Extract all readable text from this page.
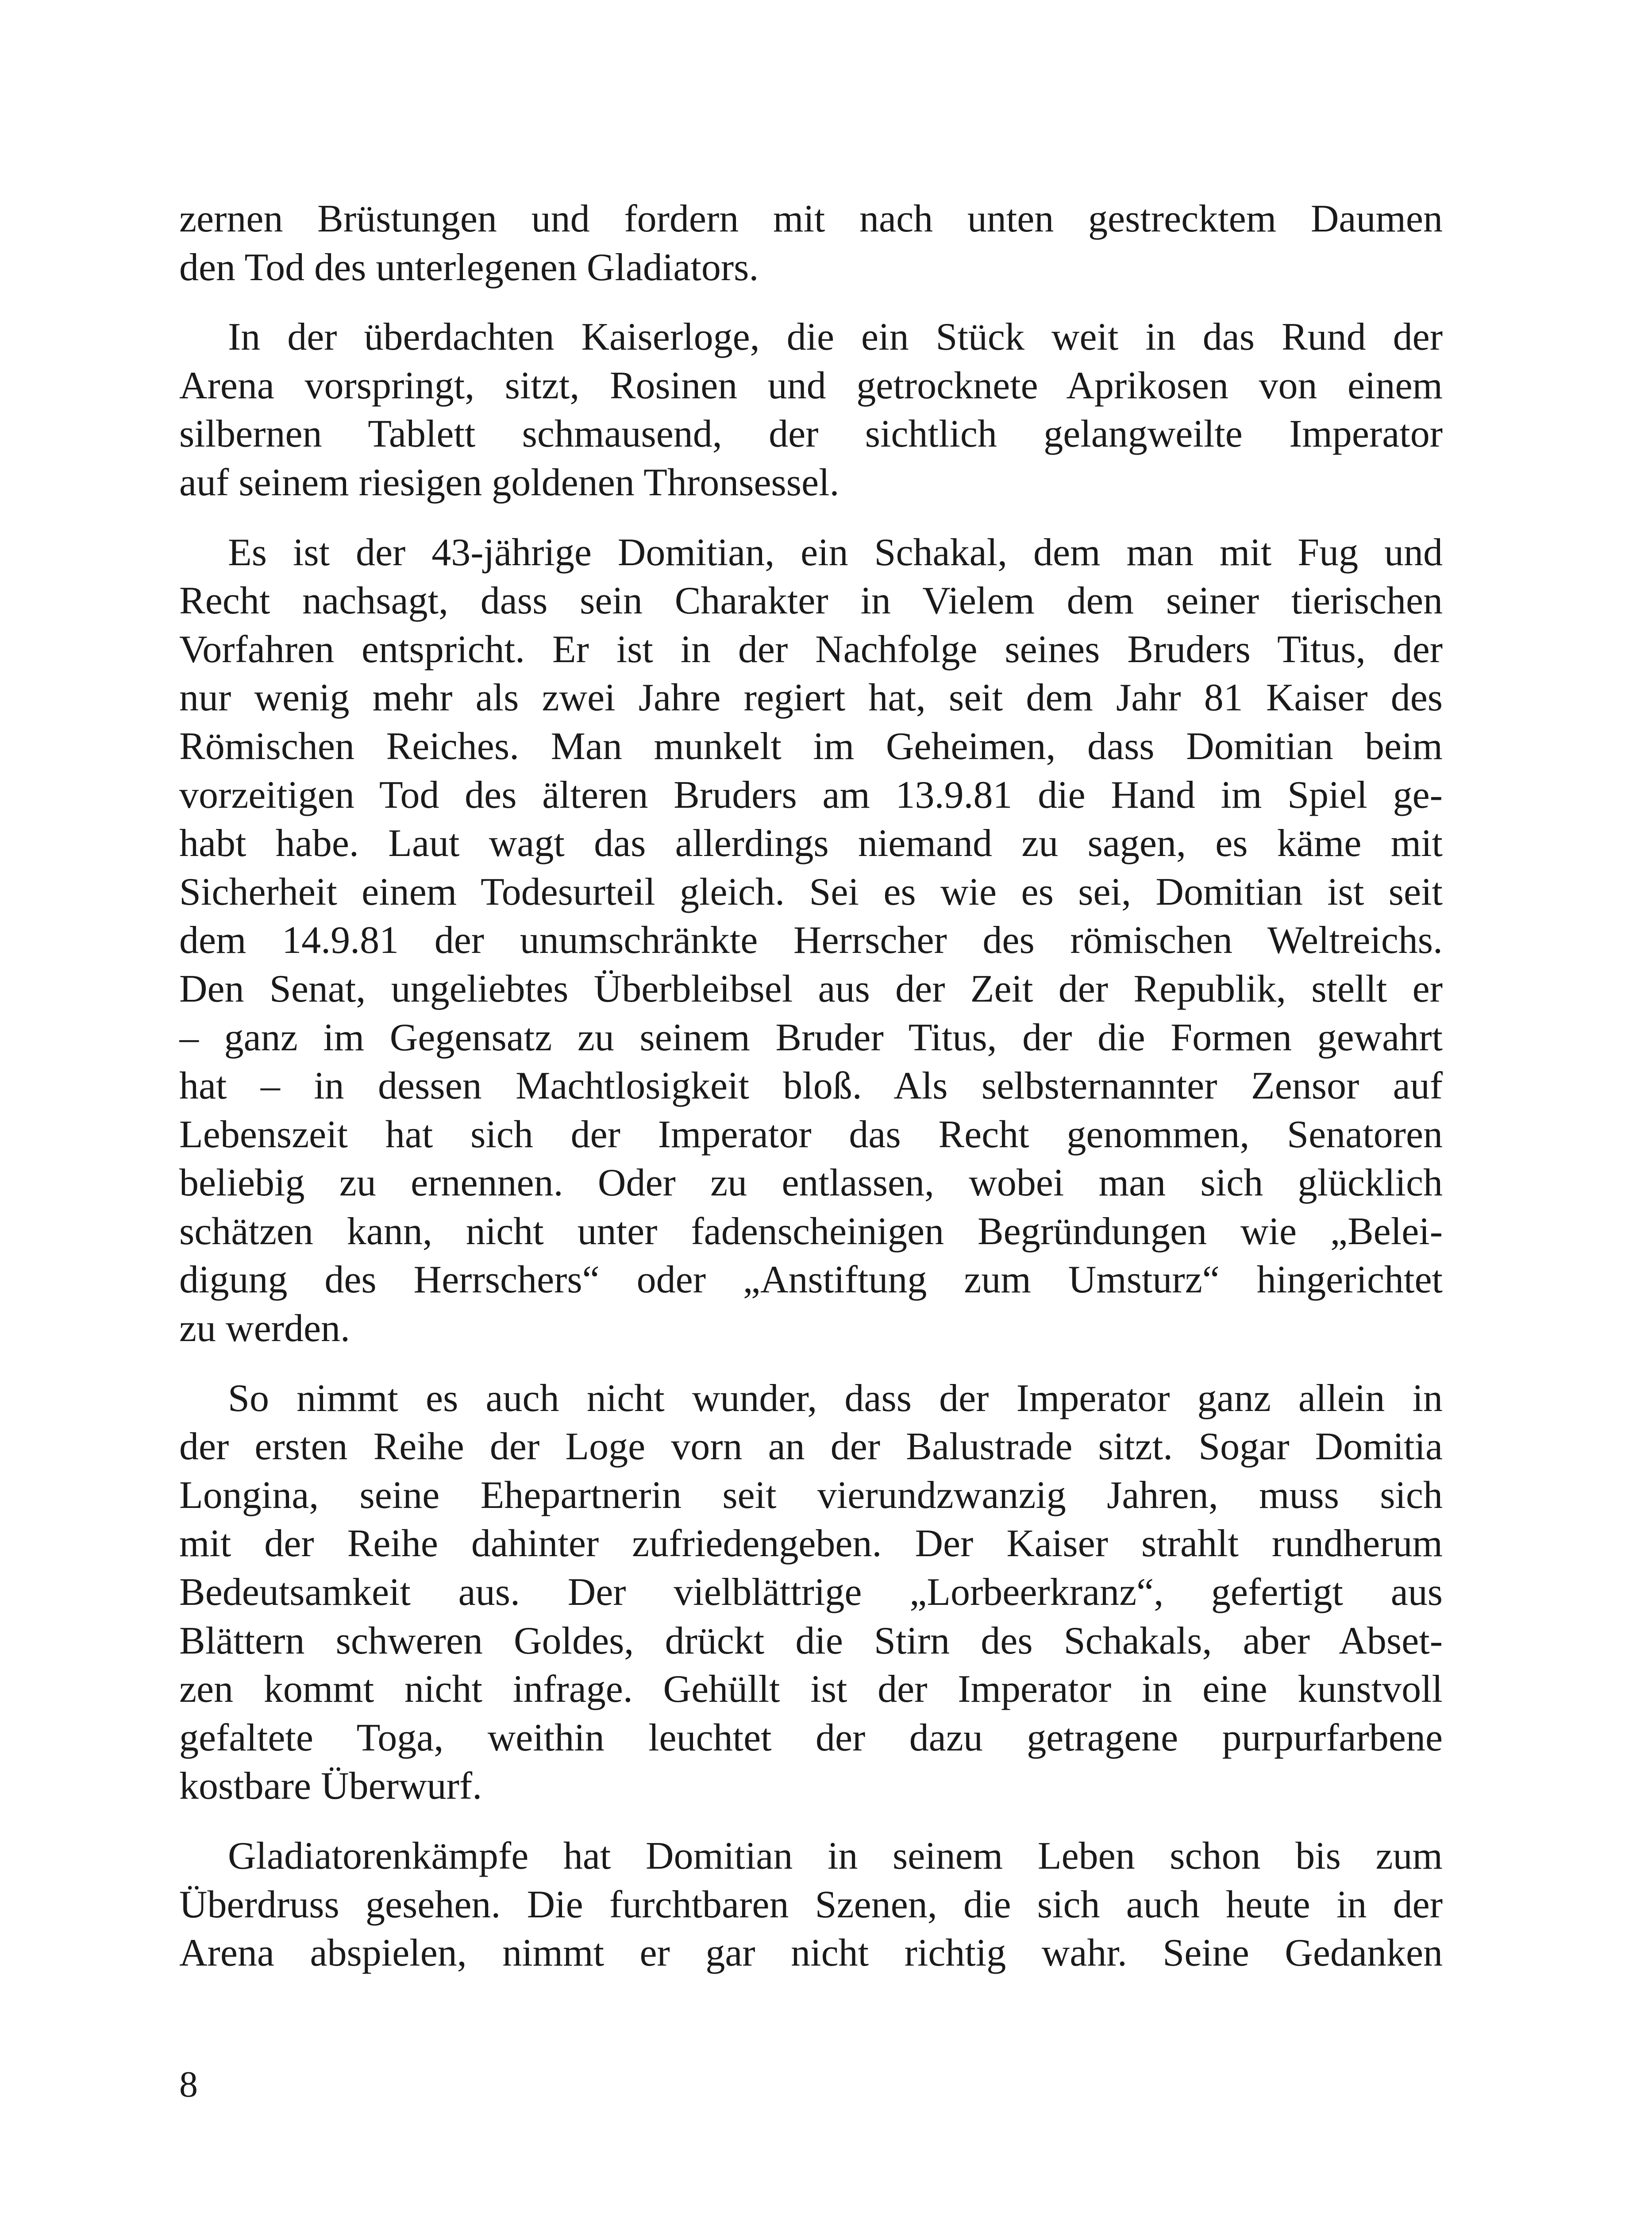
zernen Brüstungen und fordern mit nach unten gestrecktem Daumen
den Tod des unterlegenen Gladiators.
In der überdachten Kaiserloge, die ein Stück weit in das Rund der
Arena vorspringt, sitzt, Rosinen und getrocknete Aprikosen von einem
silbernen Tablett schmausend, der sichtlich gelangweilte Imperator
auf seinem riesigen goldenen Thronsessel.
Es ist der 43-jährige Domitian, ein Schakal, dem man mit Fug und
Recht nachsagt, dass sein Charakter in Vielem dem seiner tierischen
Vorfahren entspricht. Er ist in der Nachfolge seines Bruders Titus, der
nur wenig mehr als zwei Jahre regiert hat, seit dem Jahr 81 Kaiser des
Römischen Reiches. Man munkelt im Geheimen, dass Domitian beim
vorzeitigen Tod des älteren Bruders am 13.9.81 die Hand im Spiel ge-
habt habe. Laut wagt das allerdings niemand zu sagen, es käme mit
Sicherheit einem Todesurteil gleich. Sei es wie es sei, Domitian ist seit
dem 14.9.81 der unumschränkte Herrscher des römischen Weltreichs.
Den Senat, ungeliebtes Überbleibsel aus der Zeit der Republik, stellt er
– ganz im Gegensatz zu seinem Bruder Titus, der die Formen gewahrt
hat – in dessen Machtlosigkeit bloß. Als selbsternannter Zensor auf
Lebenszeit hat sich der Imperator das Recht genommen, Senatoren
beliebig zu ernennen. Oder zu entlassen, wobei man sich glücklich
schätzen kann, nicht unter fadenscheinigen Begründungen wie „Belei-
digung des Herrschers“ oder „Anstiftung zum Umsturz“ hingerichtet
zu werden.
So nimmt es auch nicht wunder, dass der Imperator ganz allein in
der ersten Reihe der Loge vorn an der Balustrade sitzt. Sogar Domitia
Longina, seine Ehepartnerin seit vierundzwanzig Jahren, muss sich
mit der Reihe dahinter zufriedengeben. Der Kaiser strahlt rundherum
Bedeutsamkeit aus. Der vielblättrige „Lorbeerkranz“, gefertigt aus
Blättern schweren Goldes, drückt die Stirn des Schakals, aber Abset-
zen kommt nicht infrage. Gehüllt ist der Imperator in eine kunstvoll
gefaltete Toga, weithin leuchtet der dazu getragene purpurfarbene
kostbare Überwurf.
Gladiatorenkämpfe hat Domitian in seinem Leben schon bis zum
Überdruss gesehen. Die furchtbaren Szenen, die sich auch heute in der
Arena abspielen, nimmt er gar nicht richtig wahr. Seine Gedanken
8
